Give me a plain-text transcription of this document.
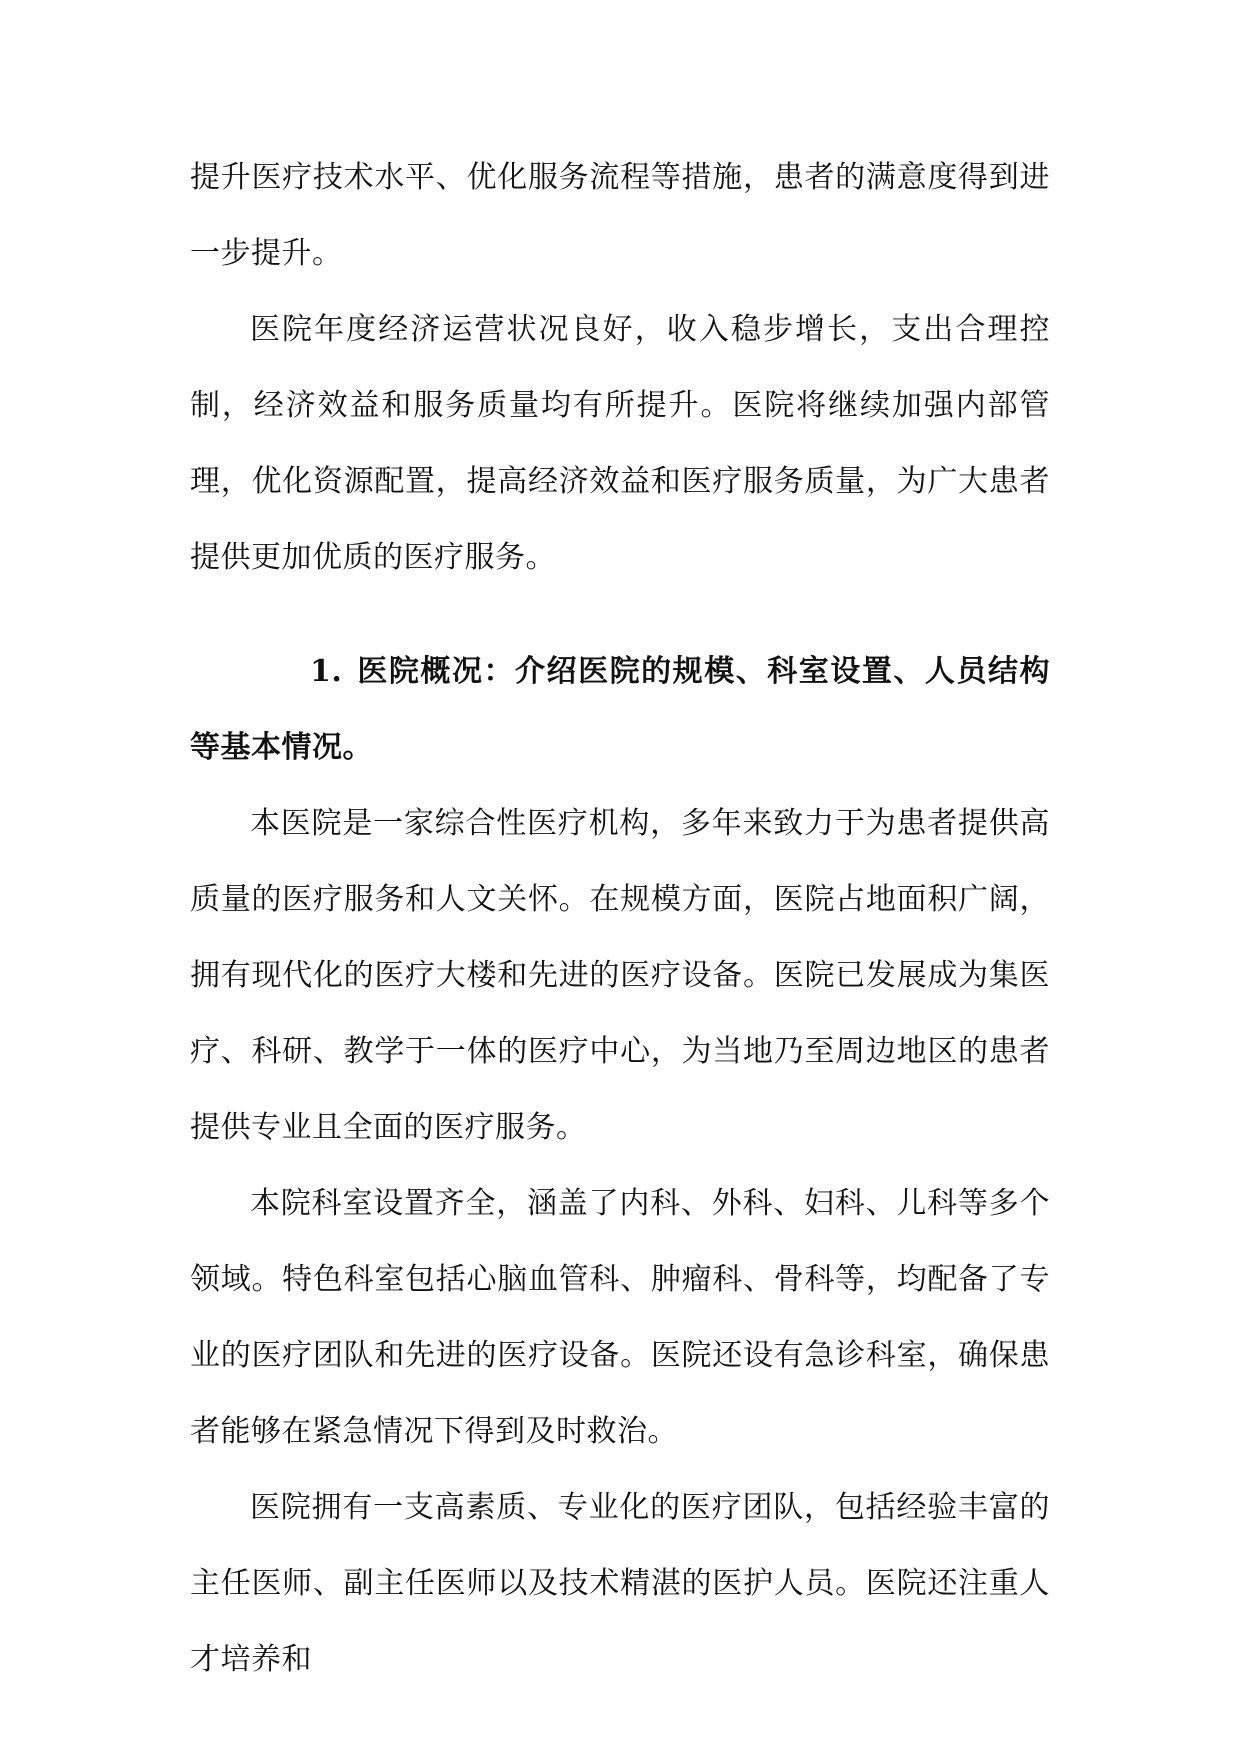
提升医疗技术水平、优化服务流程等措施，患者的满意度得到进一步提升。

医院年度经济运营状况良好，收入稳步增长，支出合理控制，经济效益和服务质量均有所提升。医院将继续加强内部管理，优化资源配置，提高经济效益和医疗服务质量，为广大患者提供更加优质的医疗服务。

1. 医院概况：介绍医院的规模、科室设置、人员结构等基本情况。

本医院是一家综合性医疗机构，多年来致力于为患者提供高质量的医疗服务和人文关怀。在规模方面，医院占地面积广阔，拥有现代化的医疗大楼和先进的医疗设备。医院已发展成为集医疗、科研、教学于一体的医疗中心，为当地乃至周边地区的患者提供专业且全面的医疗服务。

本院科室设置齐全，涵盖了内科、外科、妇科、儿科等多个领域。特色科室包括心脑血管科、肿瘤科、骨科等，均配备了专业的医疗团队和先进的医疗设备。医院还设有急诊科室，确保患者能够在紧急情况下得到及时救治。

医院拥有一支高素质、专业化的医疗团队，包括经验丰富的主任医师、副主任医师以及技术精湛的医护人员。医院还注重人才培养和
